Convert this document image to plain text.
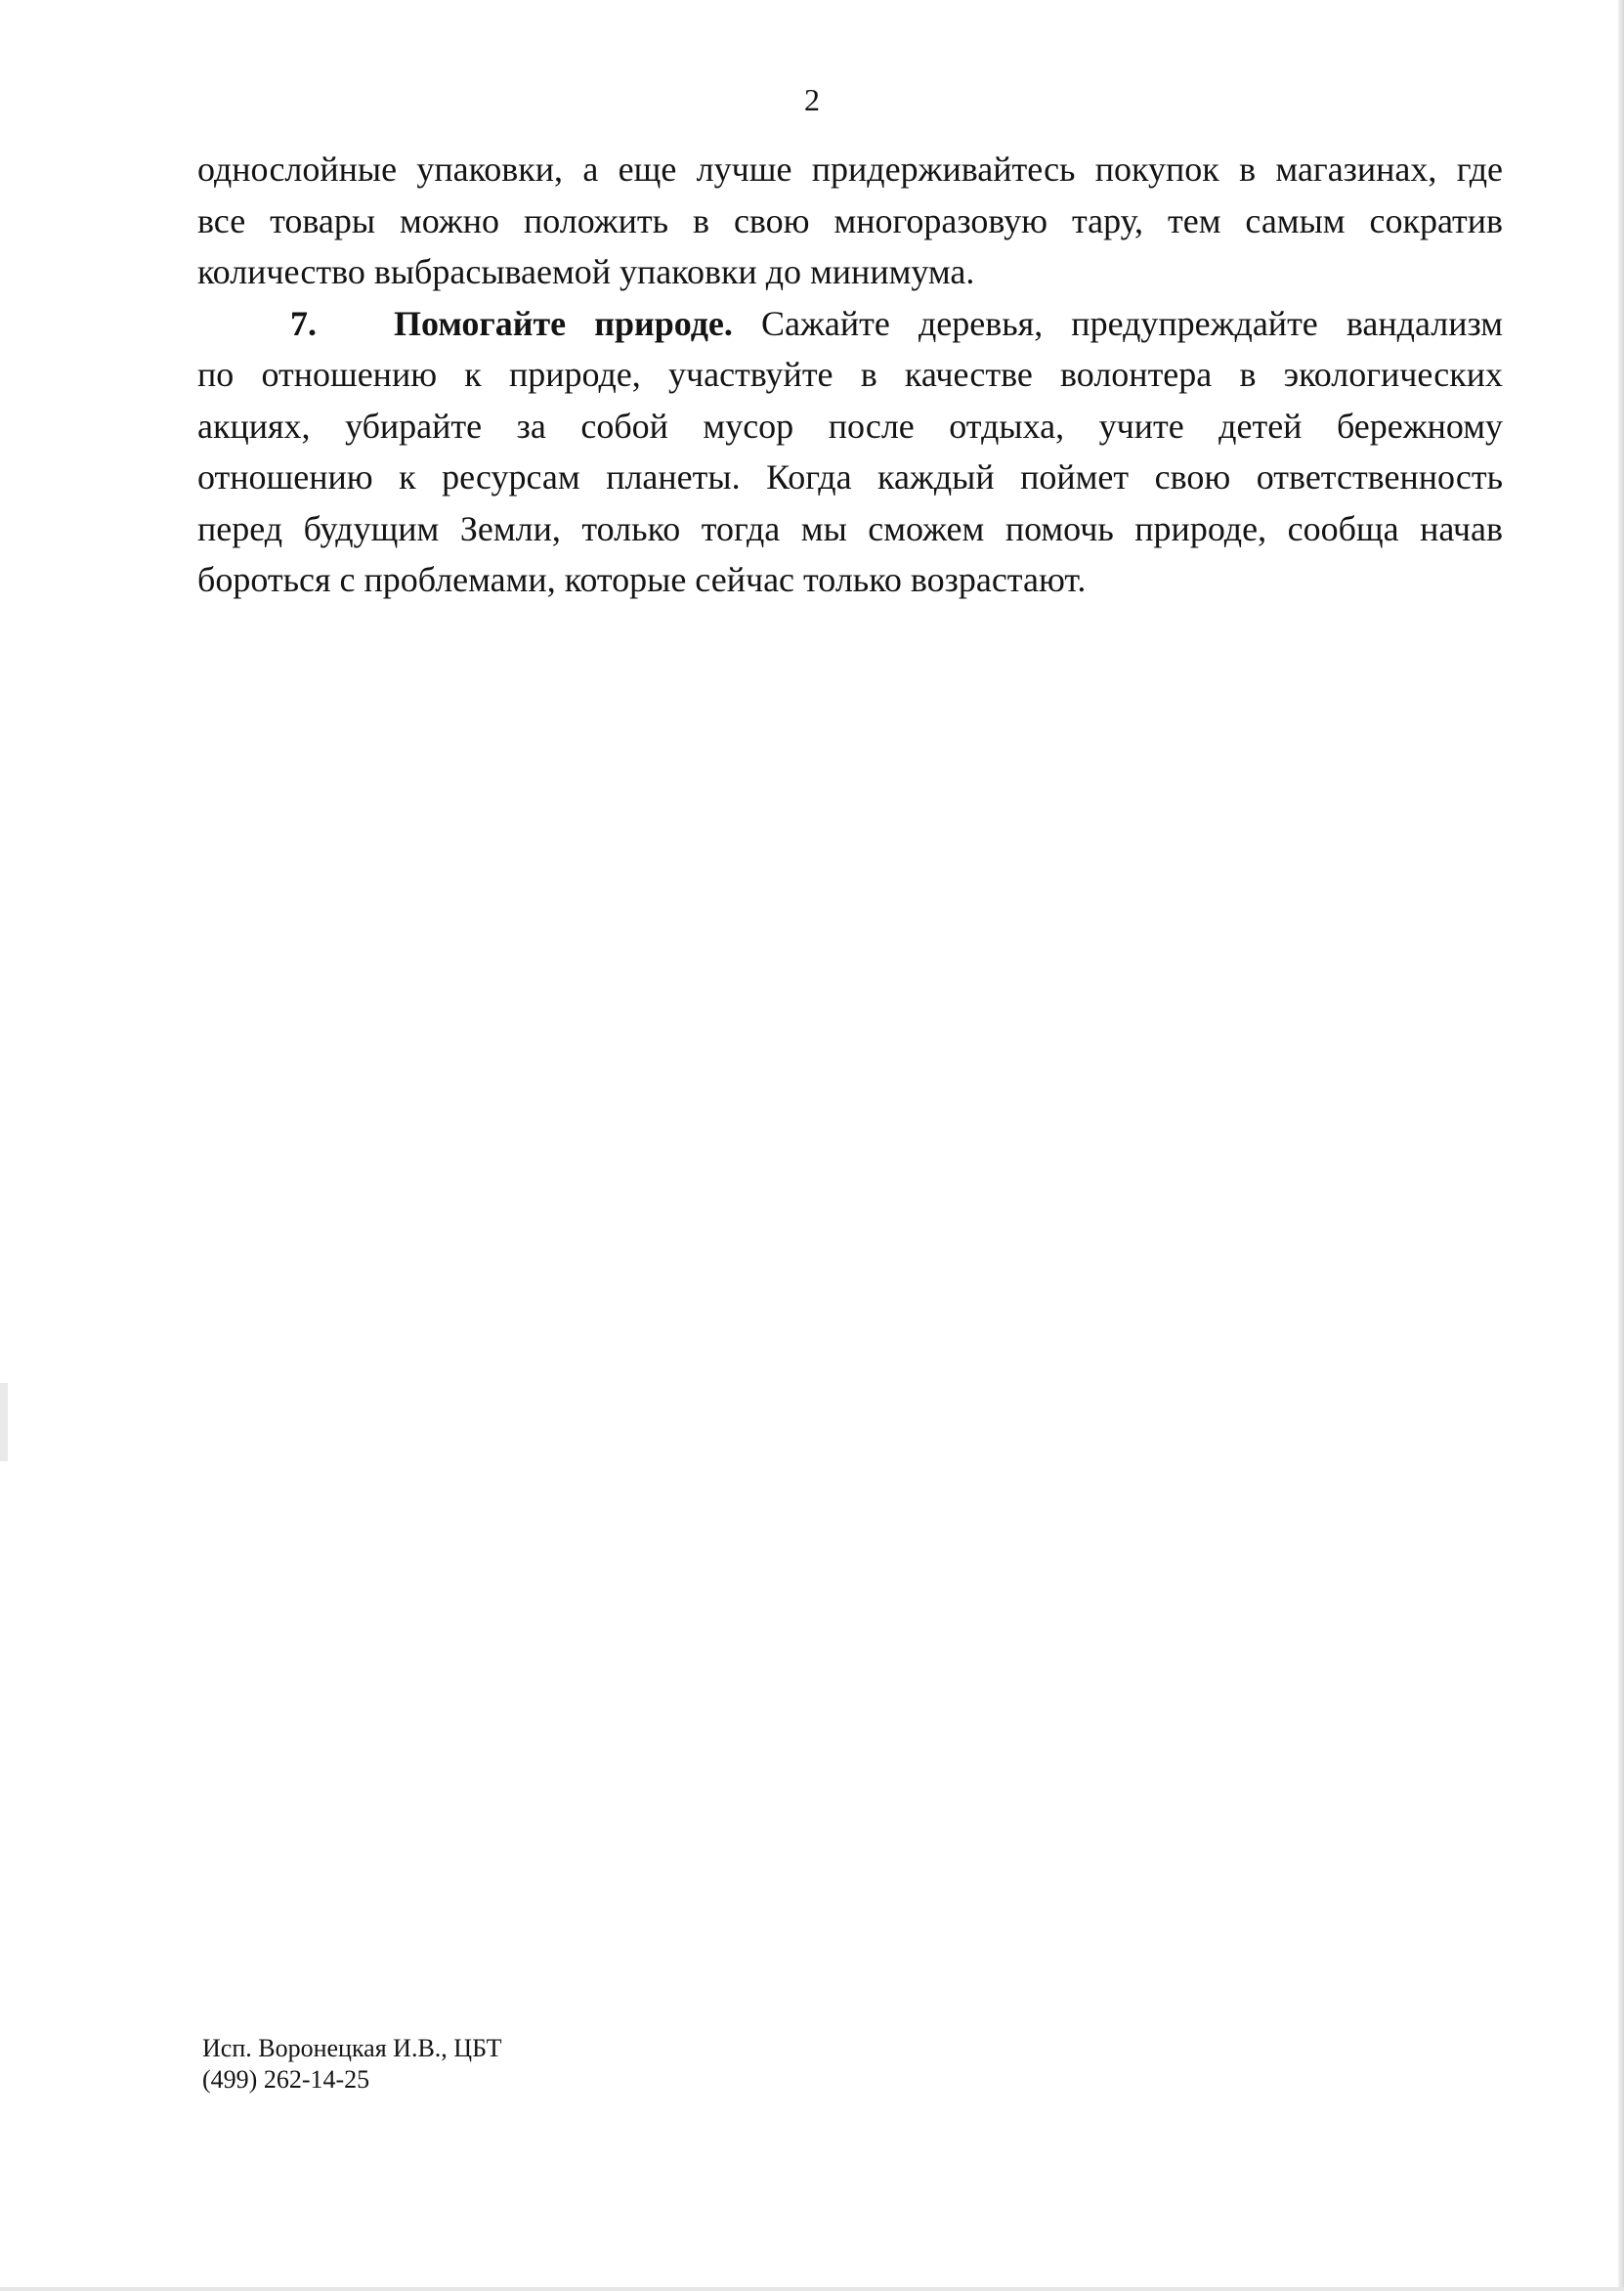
2
однослойные упаковки, а еще лучше придерживайтесь покупок в магазинах, где
все товары можно положить в свою многоразовую тару, тем самым сократив
количество выбрасываемой упаковки до минимума.
7. Помогайте природе. Сажайте деревья, предупреждайте вандализм
по отношению к природе, участвуйте в качестве волонтера в экологических
акциях, убирайте за собой мусор после отдыха, учите детей бережному
отношению к ресурсам планеты. Когда каждый поймет свою ответственность
перед будущим Земли, только тогда мы сможем помочь природе, сообща начав
бороться с проблемами, которые сейчас только возрастают.
Исп. Воронецкая И.В., ЦБТ
(499) 262-14-25
